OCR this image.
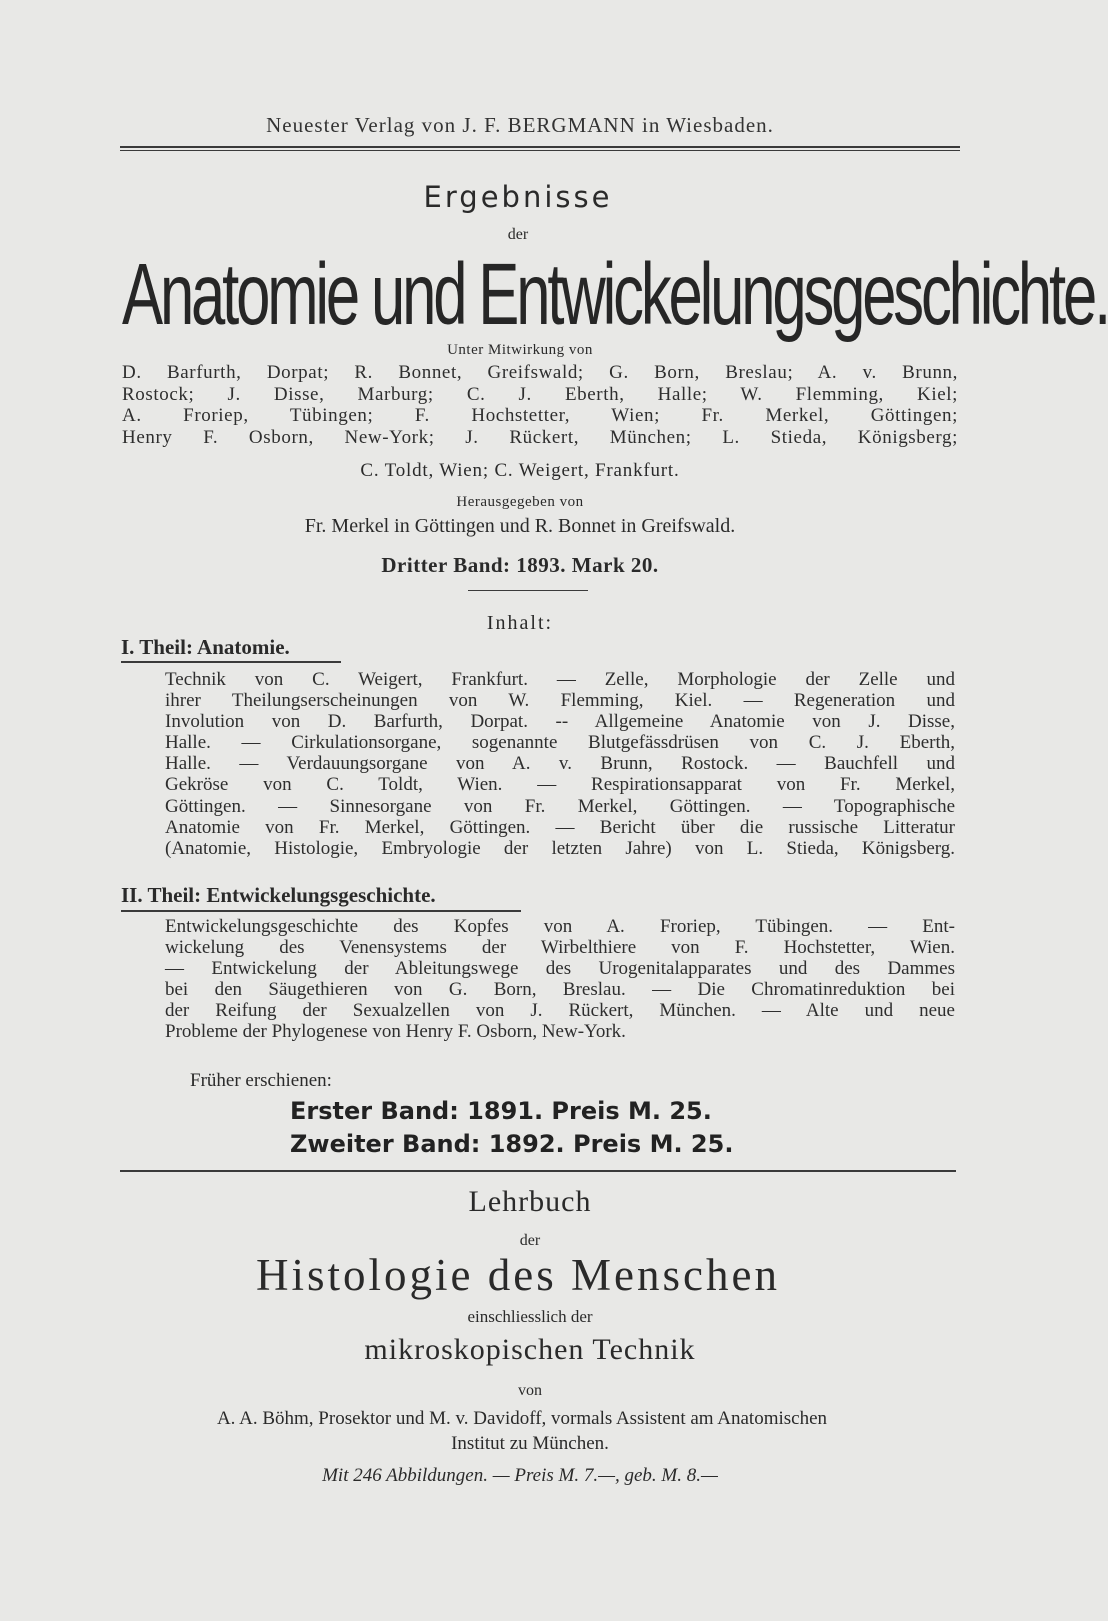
Neuester Verlag von J. F. BERGMANN in Wiesbaden.
Ergebnisse
der
Anatomie und Entwickelungsgeschichte.
Unter Mitwirkung von
D. Barfurth, Dorpat; R. Bonnet, Greifswald; G. Born, Breslau; A. v. Brunn,
Rostock; J. Disse, Marburg; C. J. Eberth, Halle; W. Flemming, Kiel;
A. Froriep, Tübingen; F. Hochstetter, Wien; Fr. Merkel, Göttingen;
Henry F. Osborn, New-York; J. Rückert, München; L. Stieda, Königsberg;
C. Toldt, Wien; C. Weigert, Frankfurt.
Herausgegeben von
Fr. Merkel in Göttingen und R. Bonnet in Greifswald.
Dritter Band: 1893. Mark 20.
Inhalt:
I. Theil: Anatomie.
Technik von C. Weigert, Frankfurt. — Zelle, Morphologie der Zelle und
ihrer Theilungserscheinungen von W. Flemming, Kiel. — Regeneration und
Involution von D. Barfurth, Dorpat. -- Allgemeine Anatomie von J. Disse,
Halle. — Cirkulationsorgane, sogenannte Blutgefässdrüsen von C. J. Eberth,
Halle. — Verdauungsorgane von A. v. Brunn, Rostock. — Bauchfell und
Gekröse von C. Toldt, Wien. — Respirationsapparat von Fr. Merkel,
Göttingen. — Sinnesorgane von Fr. Merkel, Göttingen. — Topographische
Anatomie von Fr. Merkel, Göttingen. — Bericht über die russische Litteratur
(Anatomie, Histologie, Embryologie der letzten Jahre) von L. Stieda, Königsberg.
II. Theil: Entwickelungsgeschichte.
Entwickelungsgeschichte des Kopfes von A. Froriep, Tübingen. — Ent-
wickelung des Venensystems der Wirbelthiere von F. Hochstetter, Wien.
— Entwickelung der Ableitungswege des Urogenitalapparates und des Dammes
bei den Säugethieren von G. Born, Breslau. — Die Chromatinreduktion bei
der Reifung der Sexualzellen von J. Rückert, München. — Alte und neue
Probleme der Phylogenese von Henry F. Osborn, New-York.
Früher erschienen:
Erster Band: 1891. Preis M. 25.
Zweiter Band: 1892. Preis M. 25.
Lehrbuch
der
Histologie des Menschen
einschliesslich der
mikroskopischen Technik
von
A. A. Böhm, Prosektor und M. v. Davidoff, vormals Assistent am Anatomischen
Institut zu München.
Mit 246 Abbildungen. — Preis M. 7.—, geb. M. 8.—
